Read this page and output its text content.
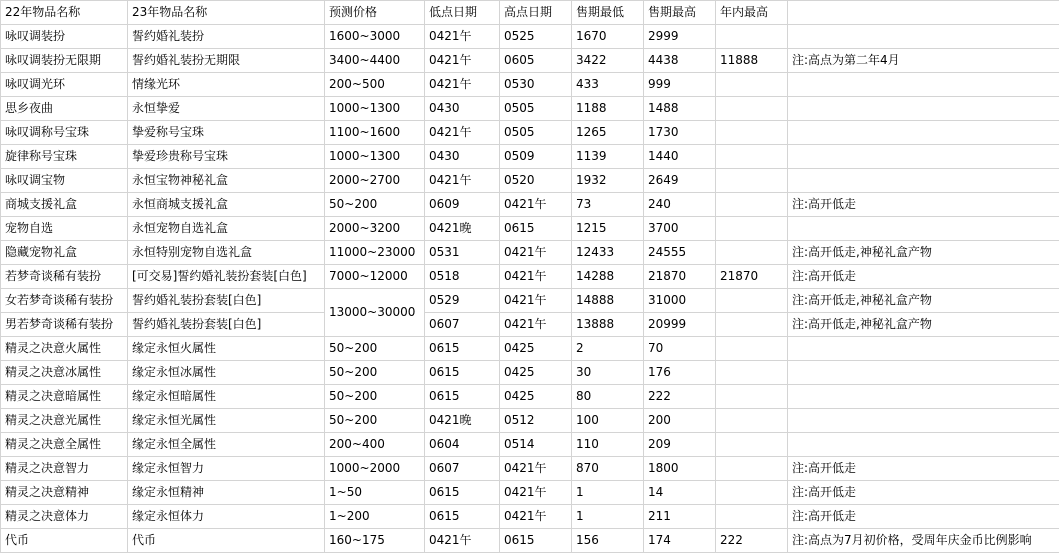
22年物品名称	23年物品名称	预测价格	低点日期	高点日期	售期最低	售期最高	年内最高	
咏叹调装扮	誓约婚礼装扮	1600~3000	0421午	0525	1670	2999		
咏叹调装扮无限期	誓约婚礼装扮无期限	3400~4400	0421午	0605	3422	4438	11888	注:高点为第二年4月
咏叹调光环	情缘光环	200~500	0421午	0530	433	999		
思乡夜曲	永恒挚爱	1000~1300	0430	0505	1188	1488		
咏叹调称号宝珠	挚爱称号宝珠	1100~1600	0421午	0505	1265	1730		
旋律称号宝珠	挚爱珍贵称号宝珠	1000~1300	0430	0509	1139	1440		
咏叹调宝物	永恒宝物神秘礼盒	2000~2700	0421午	0520	1932	2649		
商城支援礼盒	永恒商城支援礼盒	50~200	0609	0421午	73	240		注:高开低走
宠物自选	永恒宠物自选礼盒	2000~3200	0421晚	0615	1215	3700		
隐藏宠物礼盒	永恒特别宠物自选礼盒	11000~23000	0531	0421午	12433	24555		注:高开低走,神秘礼盒产物
若梦奇谈稀有装扮	[可交易]誓约婚礼装扮套装[白色]	7000~12000	0518	0421午	14288	21870	21870	注:高开低走
女若梦奇谈稀有装扮	誓约婚礼装扮套装[白色]	13000~30000	0529	0421午	14888	31000		注:高开低走,神秘礼盒产物
男若梦奇谈稀有装扮	誓约婚礼装扮套装[白色]		0607	0421午	13888	20999		注:高开低走,神秘礼盒产物
精灵之决意火属性	缘定永恒火属性	50~200	0615	0425	2	70		
精灵之决意冰属性	缘定永恒冰属性	50~200	0615	0425	30	176		
精灵之决意暗属性	缘定永恒暗属性	50~200	0615	0425	80	222		
精灵之决意光属性	缘定永恒光属性	50~200	0421晚	0512	100	200		
精灵之决意全属性	缘定永恒全属性	200~400	0604	0514	110	209		
精灵之决意智力	缘定永恒智力	1000~2000	0607	0421午	870	1800		注:高开低走
精灵之决意精神	缘定永恒精神	1~50	0615	0421午	1	14		注:高开低走
精灵之决意体力	缘定永恒体力	1~200	0615	0421午	1	211		注:高开低走
代币	代币	160~175	0421午	0615	156	174	222	注:高点为7月初价格，受周年庆金币比例影响
